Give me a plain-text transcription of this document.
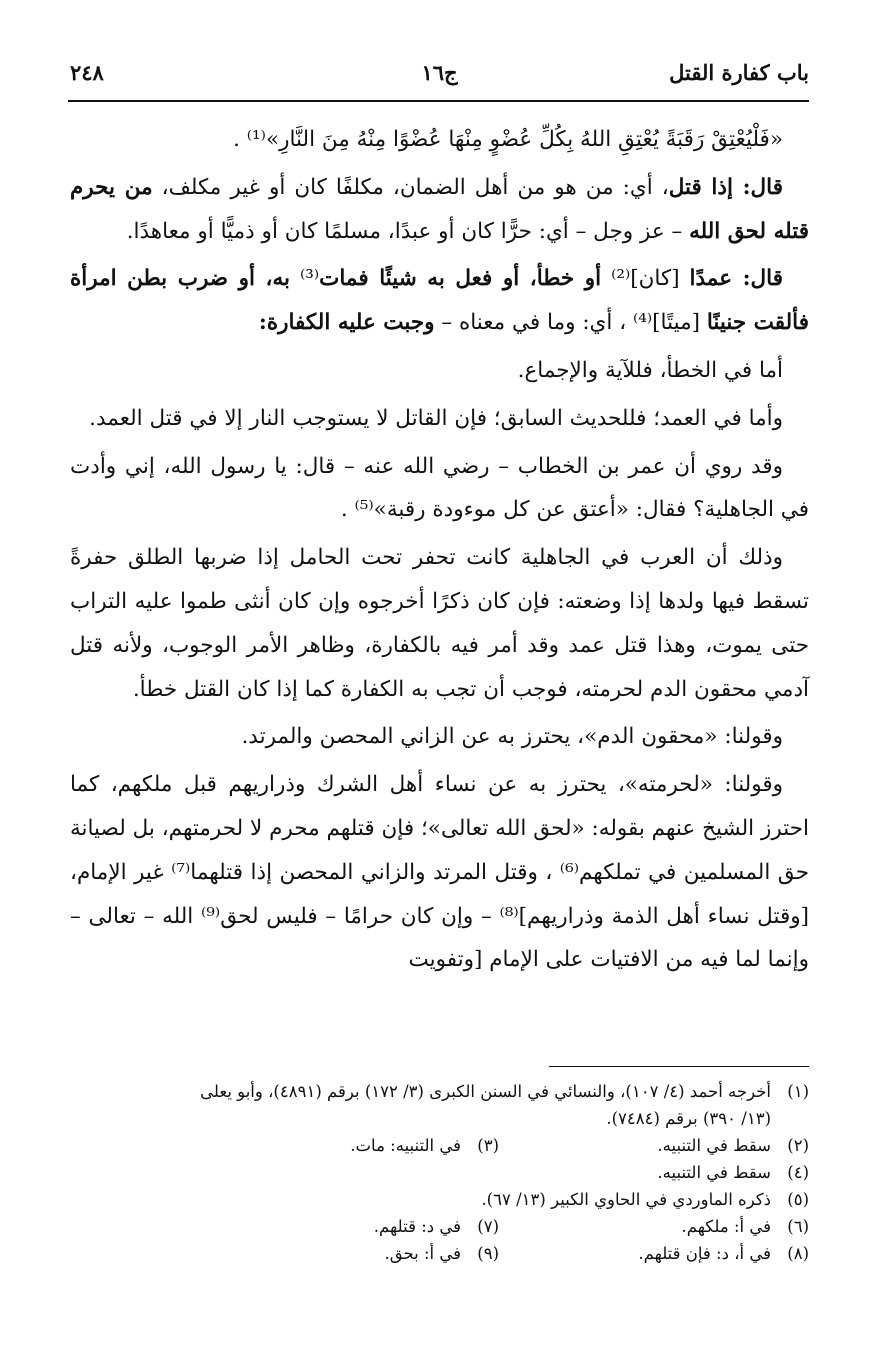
باب كفارة القتل
ج١٦
٢٤٨

«فَلْيُعْتِقْ رَقَبَةً يُعْتِقِ اللهُ بِكُلِّ عُضْوٍ مِنْهَا عُضْوًا مِنْهُ مِنَ النَّارِ»⁽¹⁾ .

قال: إذا قتل، أي: من هو من أهل الضمان، مكلفًا كان أو غير مكلف، من يحرم قتله لحق الله – عز وجل – أي: حرًّا كان أو عبدًا، مسلمًا كان أو ذميًّا أو معاهدًا.

قال: عمدًا [كان]⁽²⁾ أو خطأ، أو فعل به شيئًا فمات⁽³⁾ به، أو ضرب بطن امرأة فألقت جنينًا [ميتًا]⁽⁴⁾ ، أي: وما في معناه – وجبت عليه الكفارة:

أما في الخطأ، فللآية والإجماع.

وأما في العمد؛ فللحديث السابق؛ فإن القاتل لا يستوجب النار إلا في قتل العمد.

وقد روي أن عمر بن الخطاب – رضي الله عنه – قال: يا رسول الله، إني وأدت في الجاهلية؟ فقال: «أعتق عن كل موءودة رقبة»⁽⁵⁾ .

وذلك أن العرب في الجاهلية كانت تحفر تحت الحامل إذا ضربها الطلق حفرةً تسقط فيها ولدها إذا وضعته: فإن كان ذكرًا أخرجوه وإن كان أنثى طموا عليه التراب حتى يموت، وهذا قتل عمد وقد أمر فيه بالكفارة، وظاهر الأمر الوجوب، ولأنه قتل آدمي محقون الدم لحرمته، فوجب أن تجب به الكفارة كما إذا كان القتل خطأ.

وقولنا: «محقون الدم»، يحترز به عن الزاني المحصن والمرتد.

وقولنا: «لحرمته»، يحترز به عن نساء أهل الشرك وذراريهم قبل ملكهم، كما احترز الشيخ عنهم بقوله: «لحق الله تعالى»؛ فإن قتلهم محرم لا لحرمتهم، بل لصيانة حق المسلمين في تملكهم⁽⁶⁾ ، وقتل المرتد والزاني المحصن إذا قتلهما⁽⁷⁾ غير الإمام، [وقتل نساء أهل الذمة وذراريهم]⁽⁸⁾ – وإن كان حرامًا – فليس لحق⁽⁹⁾ الله – تعالى – وإنما لما فيه من الافتيات على الإمام [وتفويت

(١)
أخرجه أحمد (٤/ ١٠٧)، والنسائي في السنن الكبرى (٣/ ١٧٢) برقم (٤٨٩١)، وأبو يعلى
(١٣/ ٣٩٠) برقم (٧٤٨٤).
(٢)
سقط في التنبيه.
(٣)
في التنبيه: مات.
(٤)
سقط في التنبيه.
(٥)
ذكره الماوردي في الحاوي الكبير (١٣/ ٦٧).
(٦)
في أ: ملكهم.
(٧)
في د: قتلهم.
(٨)
في أ، د: فإن قتلهم.
(٩)
في أ: بحق.
